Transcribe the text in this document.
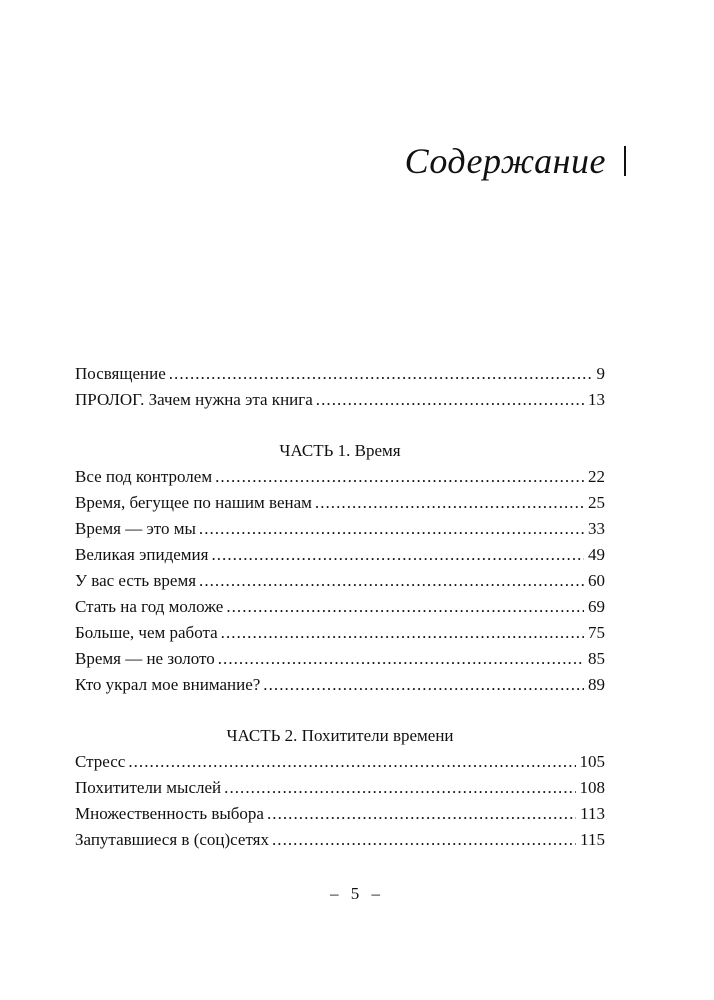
Содержание
Посвящение . . .	9
ПРОЛОГ. Зачем нужна эта книга . . .	13
ЧАСТЬ 1. Время
Все под контролем . . .	22
Время, бегущее по нашим венам . . .	25
Время — это мы . . .	33
Великая эпидемия . . .	49
У вас есть время . . .	60
Стать на год моложе . . .	69
Больше, чем работа . . .	75
Время — не золото . . .	85
Кто украл мое внимание? . . .	89
ЧАСТЬ 2. Похитители времени
Стресс . . .	105
Похитители мыслей . . .	108
Множественность выбора . . .	113
Запутавшиеся в (соц)сетях . . .	115
– 5 –
